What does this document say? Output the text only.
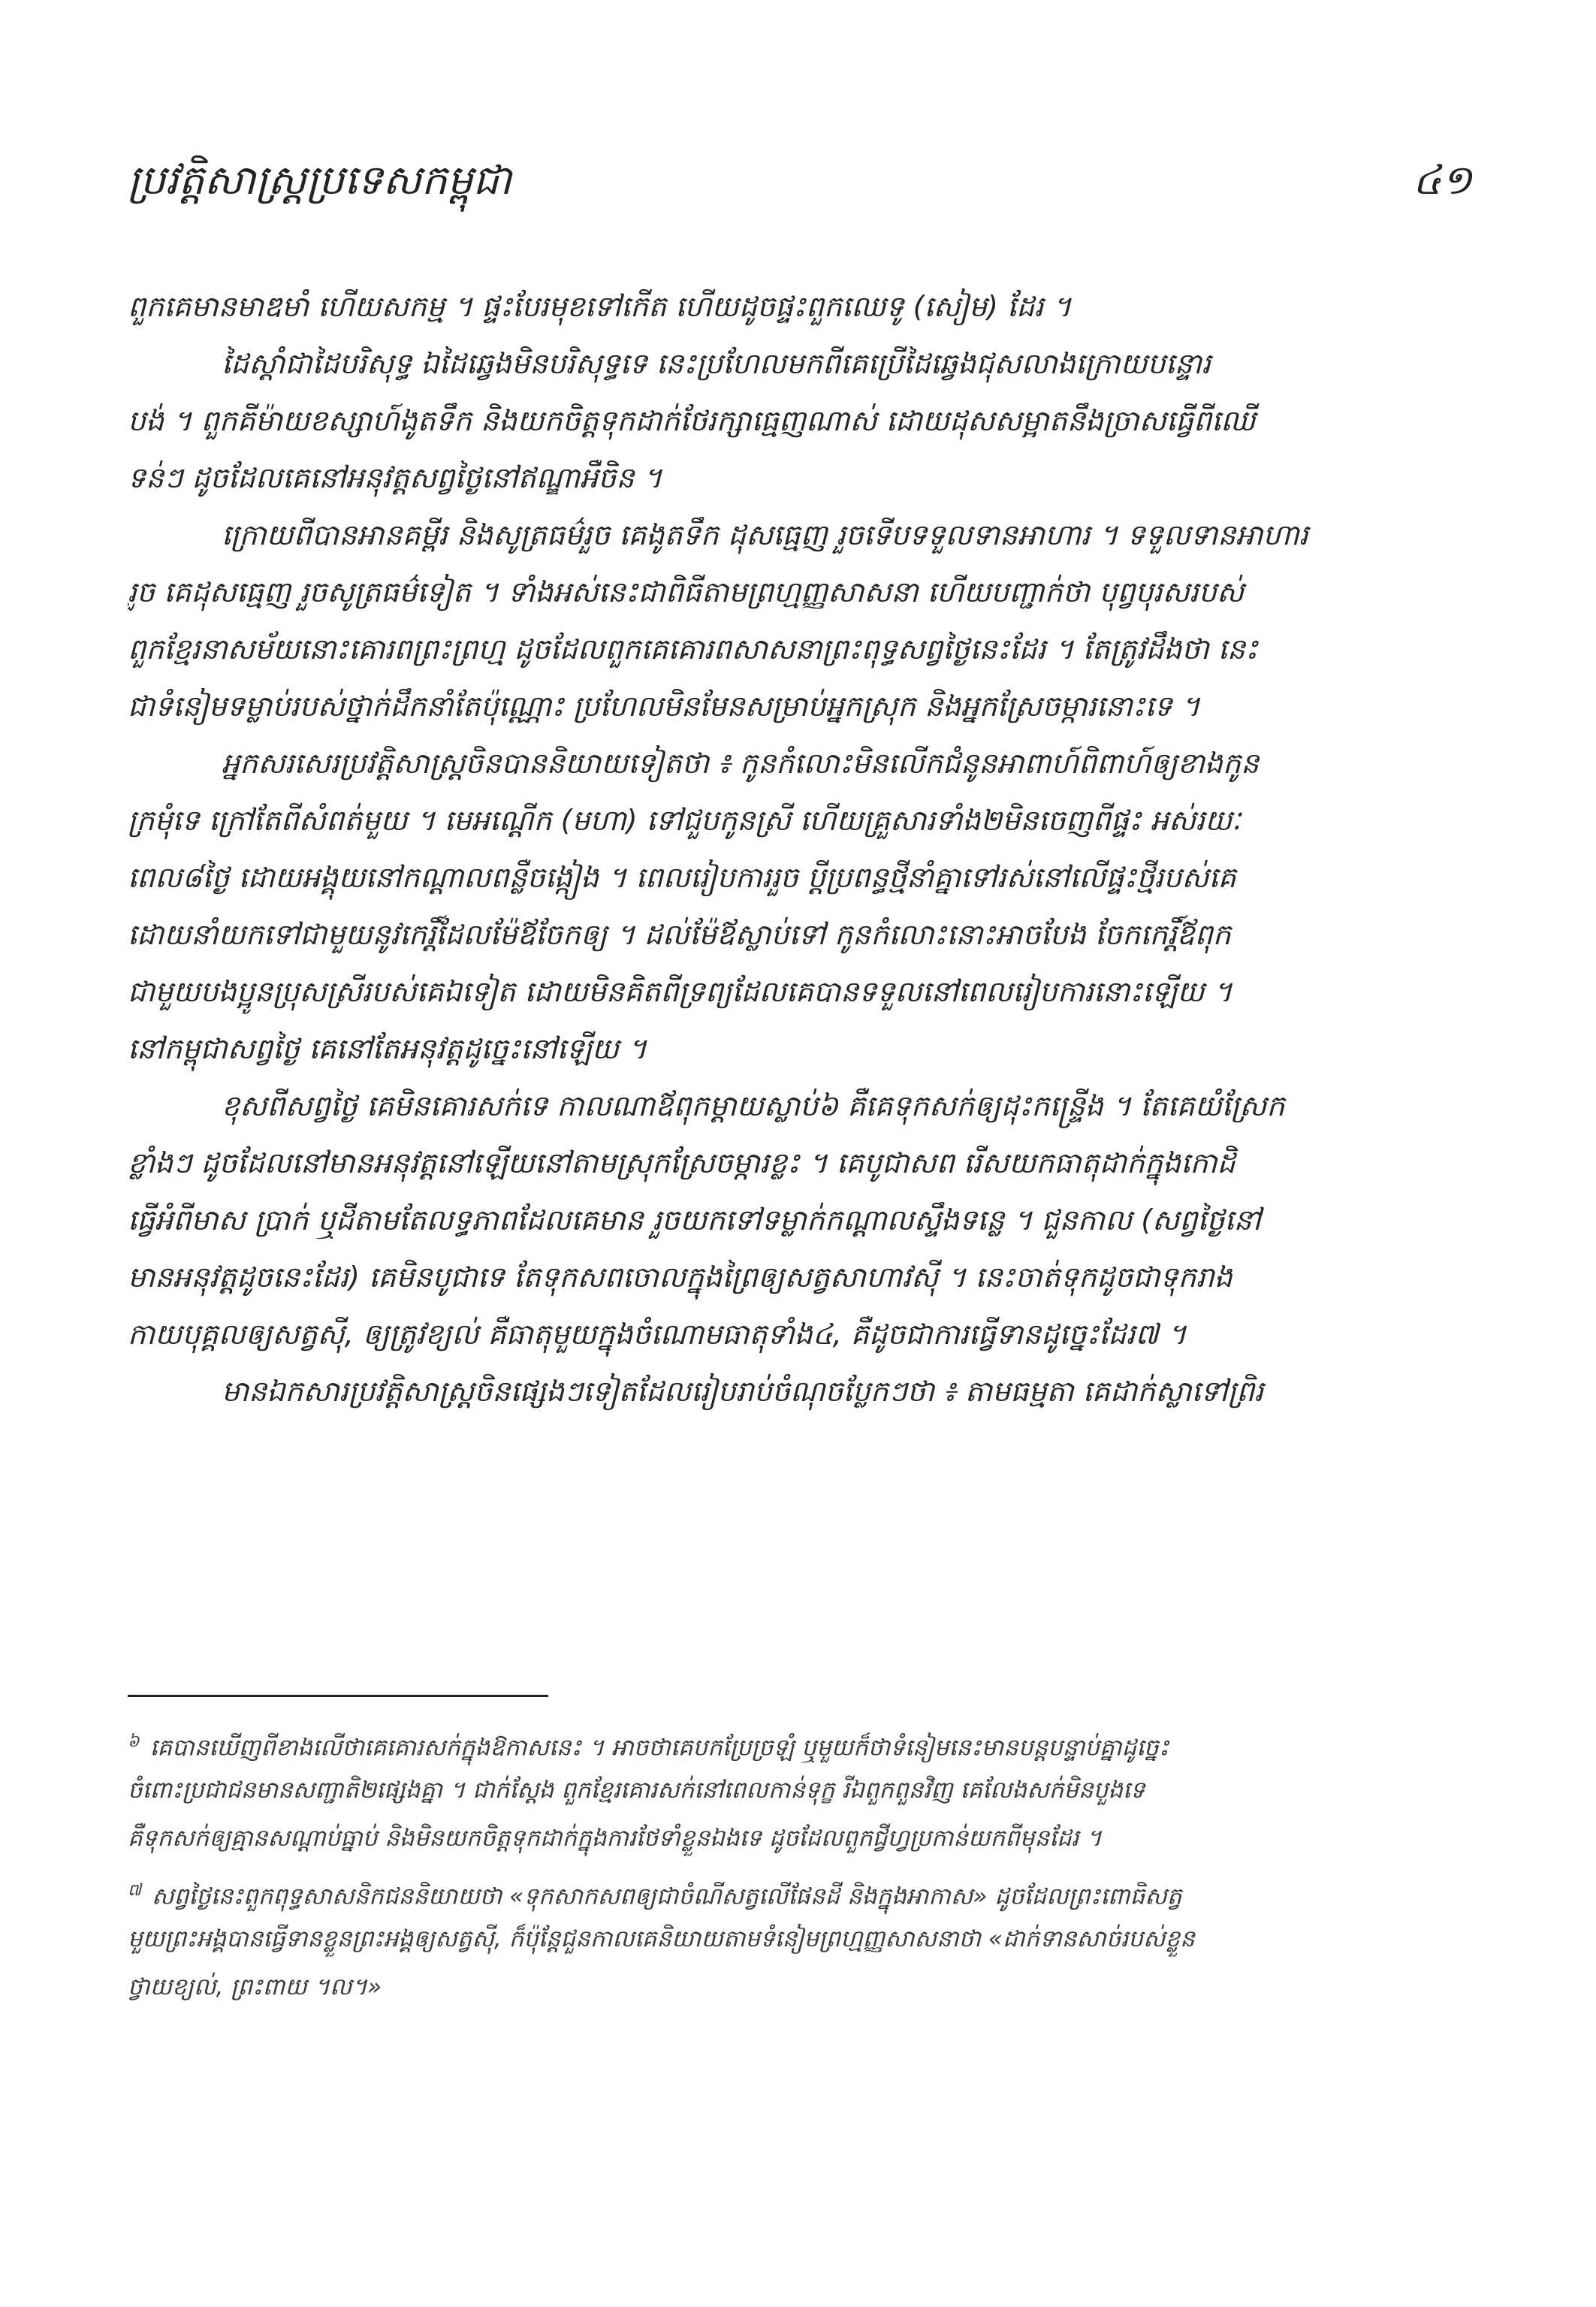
ប្រវត្តិសាស្ត្រប្រទេសកម្ពុជា	៤១
ពួកគេមានមាឌមាំ ហើយសកម្ម ។ ផ្ទះបែរមុខទៅកើត ហើយដូចផ្ទះពួកឈេទូ (សៀម) ដែរ ។
ដៃស្ដាំជាដៃបរិសុទ្ធ ឯដៃឆ្វេងមិនបរិសុទ្ធទេ នេះប្រហែលមកពីគេប្រើដៃឆ្វេងជុសលាងក្រោយបន្ទោរ
បង់ ។ ពួកគីម៉ាយខស្សាហ៍ងូតទឹក និងយកចិត្តទុកដាក់ថែរក្សាធ្មេញណាស់ ដោយដុសសម្អាតនឹងច្រាសធ្វើពីឈើ
ទន់ៗ ដូចដែលគេនៅអនុវត្តសព្វថ្ងៃនៅឥណ្ឌាអឺចិន ។
ក្រោយពីបានអានគម្ពីរ និងសូត្រធម៌រួច គេងូតទឹក ដុសធ្មេញ រួចទើបទទួលទានអាហារ ។ ទទួលទានអាហារ
រួច គេដុសធ្មេញ រួចសូត្រធម៌ទៀត ។ ទាំងអស់នេះជាពិធីតាមព្រហ្មញ្ញសាសនា ហើយបញ្ជាក់ថា បុព្វបុរសរបស់
ពួកខ្មែរនាសម័យនោះគោរពព្រះព្រហ្ម ដូចដែលពួកគេគោរពសាសនាព្រះពុទ្ធសព្វថ្ងៃនេះដែរ ។ តែត្រូវដឹងថា នេះ
ជាទំនៀមទម្លាប់របស់ថ្នាក់ដឹកនាំតែប៉ុណ្ណោះ ប្រហែលមិនមែនសម្រាប់អ្នកស្រុក និងអ្នកស្រែចម្ការនោះទេ ។
អ្នកសរសេរប្រវត្តិសាស្ត្រចិនបាននិយាយទៀតថា ៖ កូនកំលោះមិនលើកជំនូនអាពាហ៍ពិពាហ៍ឲ្យខាងកូន
ក្រមុំទេ ក្រៅតែពីសំពត់មួយ ។ មេអណ្ដើក (មហា) ទៅជួបកូនស្រី ហើយគ្រួសារទាំង២មិនចេញពីផ្ទះ អស់រយៈ
ពេល៨ថ្ងៃ ដោយអង្គុយនៅកណ្ដាលពន្លឺចង្កៀង ។ ពេលរៀបការរួច ប្ដីប្រពន្ធថ្មីនាំគ្នាទៅរស់នៅលើផ្ទះថ្មីរបស់គេ
ដោយនាំយកទៅជាមួយនូវកេរ្តិ៍ដែលម៉ែឪចែកឲ្យ ។ ដល់ម៉ែឪស្លាប់ទៅ កូនកំលោះនោះអាចបែង ចែកកេរ្តិ៍ឪពុក
ជាមួយបងប្អូនប្រុសស្រីរបស់គេឯទៀត ដោយមិនគិតពីទ្រព្យដែលគេបានទទួលនៅពេលរៀបការនោះឡើយ ។
នៅកម្ពុជាសព្វថ្ងៃ គេនៅតែអនុវត្តដូច្នេះនៅឡើយ ។
ខុសពីសព្វថ្ងៃ គេមិនគោរសក់ទេ កាលណាឪពុកម្ដាយស្លាប់៦ គឺគេទុកសក់ឲ្យដុះកន្ទ្រើង ។ តែគេយំស្រែក
ខ្លាំងៗ ដូចដែលនៅមានអនុវត្តនៅឡើយនៅតាមស្រុកស្រែចម្ការខ្លះ ។ គេបូជាសព រើសយកធាតុដាក់ក្នុងកោដិ
ធ្វើអំពីមាស ប្រាក់ ឬដីតាមតែលទ្ធភាពដែលគេមាន រួចយកទៅទម្លាក់កណ្ដាលស្ទឹងទន្លេ ។ ជួនកាល (សព្វថ្ងៃនៅ
មានអនុវត្តដូចនេះដែរ) គេមិនបូជាទេ តែទុកសពចោលក្នុងព្រៃឲ្យសត្វសាហាវស៊ី ។ នេះចាត់ទុកដូចជាទុករាង
កាយបុគ្គលឲ្យសត្វស៊ី, ឲ្យត្រូវខ្យល់ គឺធាតុមួយក្នុងចំណោមធាតុទាំង៤, គឺដូចជាការធ្វើទានដូច្នេះដែរ៧ ។
មានឯកសារប្រវត្តិសាស្ត្រចិនផ្សេងៗទៀតដែលរៀបរាប់ចំណុចប្លែកៗថា ៖ តាមធម្មតា គេដាក់ស្លាទៅព្រិរ
$^៦$ គេបានឃើញពីខាងលើថាគេគោរសក់ក្នុងឱកាសនេះ ។ អាចថាគេបកប្រែច្រឡំ ឬមួយក៏ថាទំនៀមនេះមានបន្តបន្ទាប់គ្នាដូច្នេះ
ចំពោះប្រជាជនមានសញ្ជាតិ២ផ្សេងគ្នា ។ ជាក់ស្ដែង ពួកខ្មែរគោរសក់នៅពេលកាន់ទុក្ខ រីឯពួកពួនវិញ គេលែងសក់មិនបួងទេ
គឺទុកសក់ឲ្យគ្មានសណ្ដាប់ធ្នាប់ និងមិនយកចិត្តទុកដាក់ក្នុងការថែទាំខ្លួនឯងទេ ដូចដែលពួកជ្វីហ្វប្រកាន់យកពីមុនដែរ ។
$^៧$ សព្វថ្ងៃនេះពួកពុទ្ធសាសនិកជននិយាយថា «ទុកសាកសពឲ្យជាចំណីសត្វលើផែនដី និងក្នុងអាកាស» ដូចដែលព្រះពោធិសត្វ
មួយព្រះអង្គបានធ្វើទានខ្លួនព្រះអង្គឲ្យសត្វស៊ី, ក៏ប៉ុន្តែជួនកាលគេនិយាយតាមទំនៀមព្រហ្មញ្ញសាសនាថា «ដាក់ទានសាច់របស់ខ្លួន
ថ្វាយខ្យល់, ព្រះពាយ ។ល។»
